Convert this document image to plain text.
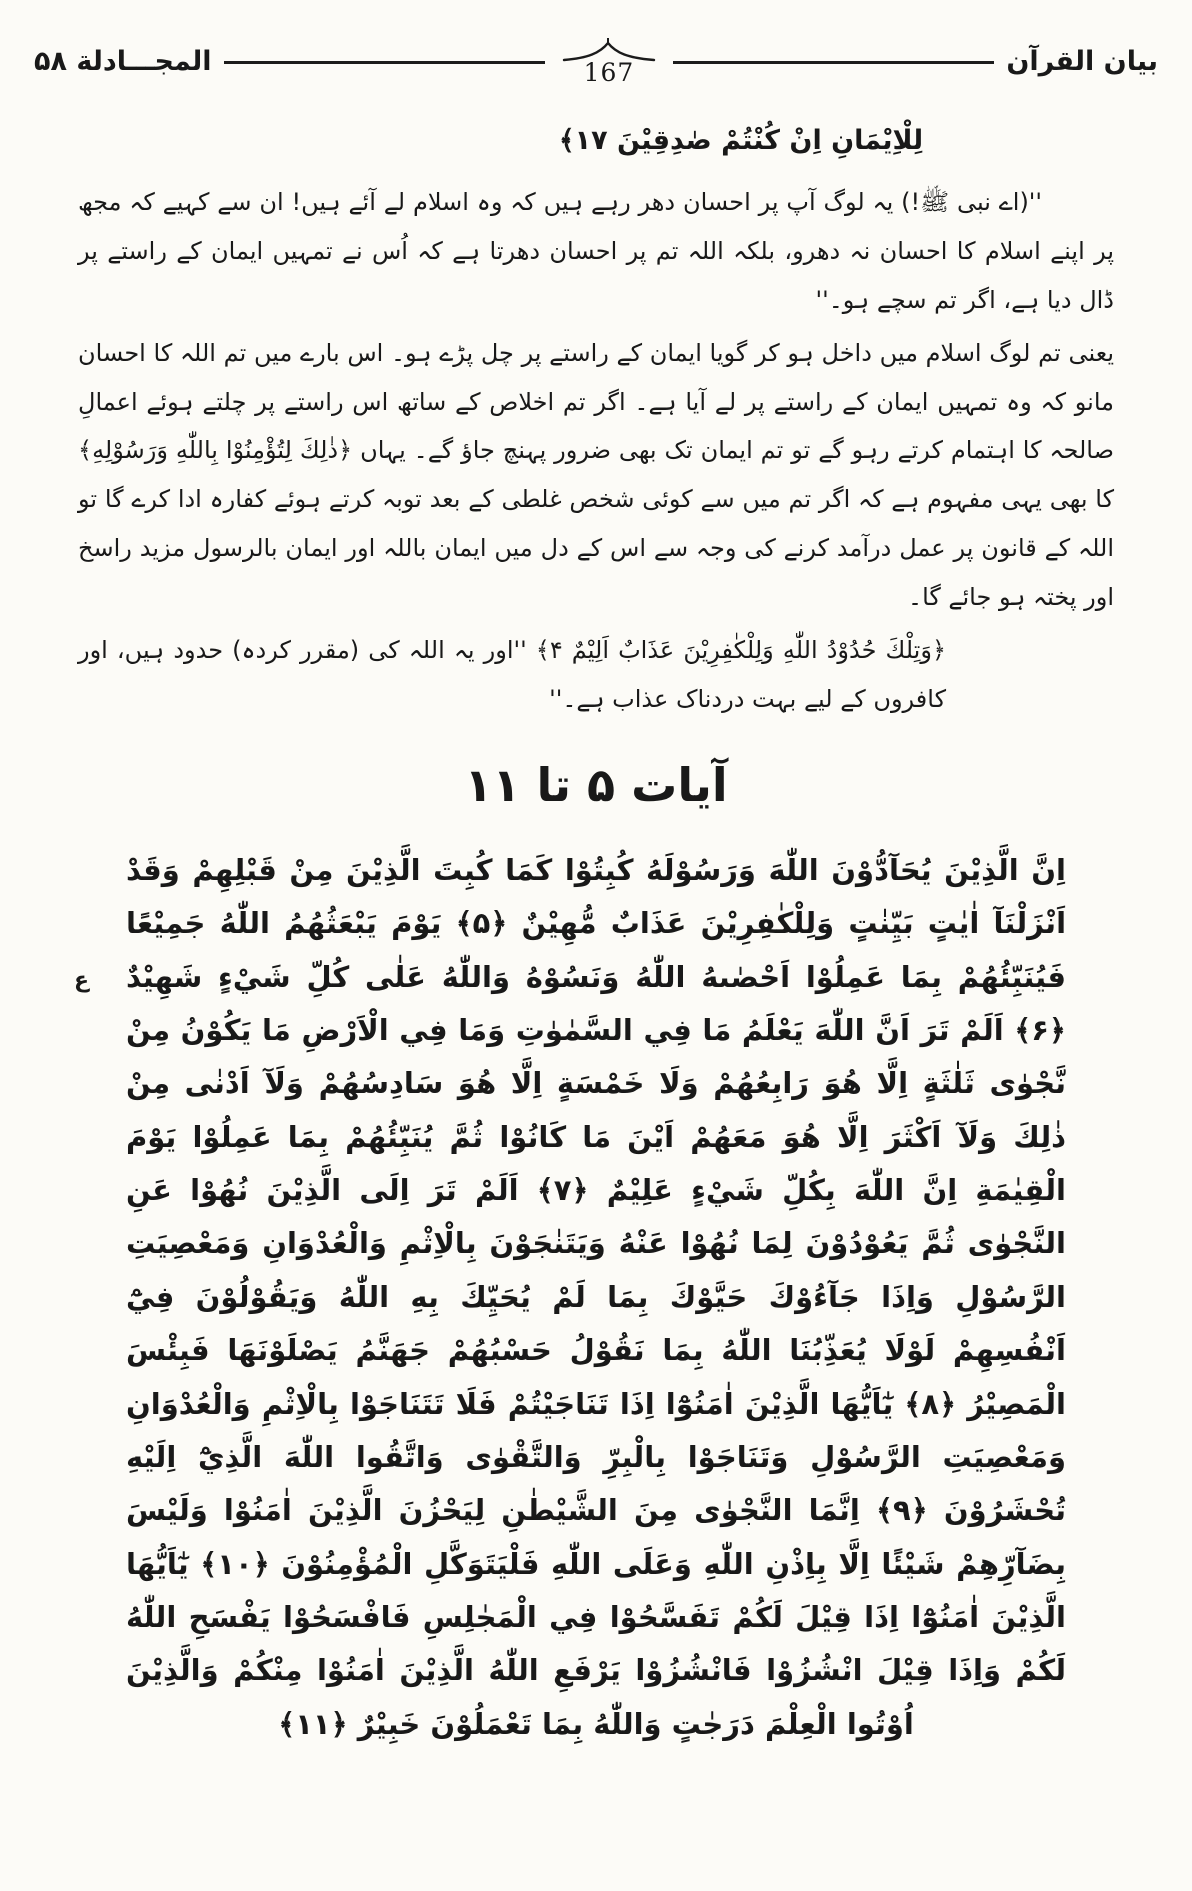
بیان القرآن
167
المجـــادلة ۵۸

لِلْاِيْمَانِ اِنْ كُنْتُمْ صٰدِقِيْنَ ۱۷﴾

''(اے نبی ﷺ!) یہ لوگ آپ پر احسان دھر رہے ہیں کہ وہ اسلام لے آئے ہیں! ان سے کہیے کہ مجھ پر اپنے اسلام کا احسان نہ دھرو، بلکہ اللہ تم پر احسان دھرتا ہے کہ اُس نے تمہیں ایمان کے راستے پر ڈال دیا ہے، اگر تم سچے ہو۔''

یعنی تم لوگ اسلام میں داخل ہو کر گویا ایمان کے راستے پر چل پڑے ہو۔ اس بارے میں تم اللہ کا احسان مانو کہ وہ تمہیں ایمان کے راستے پر لے آیا ہے۔ اگر تم اخلاص کے ساتھ اس راستے پر چلتے ہوئے اعمالِ صالحہ کا اہتمام کرتے رہو گے تو تم ایمان تک بھی ضرور پہنچ جاؤ گے۔ یہاں ﴿ذٰلِكَ لِتُؤْمِنُوْا بِاللّٰهِ وَرَسُوْلِهِ﴾ کا بھی یہی مفہوم ہے کہ اگر تم میں سے کوئی شخص غلطی کے بعد توبہ کرتے ہوئے کفارہ ادا کرے گا تو اللہ کے قانون پر عمل درآمد کرنے کی وجہ سے اس کے دل میں ایمان باللہ اور ایمان بالرسول مزید راسخ اور پختہ ہو جائے گا۔

﴿وَتِلْكَ حُدُوْدُ اللّٰهِ وَلِلْكٰفِرِيْنَ عَذَابٌ اَلِيْمٌ ۴﴾ ''اور یہ اللہ کی (مقرر کردہ) حدود ہیں، اور کافروں کے لیے بہت دردناک عذاب ہے۔''

آیات ۵ تا ۱۱
ع

اِنَّ الَّذِيْنَ يُحَآدُّوْنَ اللّٰهَ وَرَسُوْلَهُ كُبِتُوْا كَمَا كُبِتَ الَّذِيْنَ مِنْ قَبْلِهِمْ وَقَدْ اَنْزَلْنَآ اٰيٰتٍ بَيِّنٰتٍ وَلِلْكٰفِرِيْنَ عَذَابٌ مُّهِيْنٌ ﴿۵﴾ يَوْمَ يَبْعَثُهُمُ اللّٰهُ جَمِيْعًا فَيُنَبِّئُهُمْ بِمَا عَمِلُوْا اَحْصٰىهُ اللّٰهُ وَنَسُوْهُ وَاللّٰهُ عَلٰى كُلِّ شَيْءٍ شَهِيْدٌ ﴿۶﴾ اَلَمْ تَرَ اَنَّ اللّٰهَ يَعْلَمُ مَا فِي السَّمٰوٰتِ وَمَا فِي الْاَرْضِ مَا يَكُوْنُ مِنْ نَّجْوٰى ثَلٰثَةٍ اِلَّا هُوَ رَابِعُهُمْ وَلَا خَمْسَةٍ اِلَّا هُوَ سَادِسُهُمْ وَلَآ اَدْنٰى مِنْ ذٰلِكَ وَلَآ اَكْثَرَ اِلَّا هُوَ مَعَهُمْ اَيْنَ مَا كَانُوْا ثُمَّ يُنَبِّئُهُمْ بِمَا عَمِلُوْا يَوْمَ الْقِيٰمَةِ اِنَّ اللّٰهَ بِكُلِّ شَيْءٍ عَلِيْمٌ ﴿۷﴾ اَلَمْ تَرَ اِلَى الَّذِيْنَ نُهُوْا عَنِ النَّجْوٰى ثُمَّ يَعُوْدُوْنَ لِمَا نُهُوْا عَنْهُ وَيَتَنٰجَوْنَ بِالْاِثْمِ وَالْعُدْوَانِ وَمَعْصِيَتِ الرَّسُوْلِ وَاِذَا جَآءُوْكَ حَيَّوْكَ بِمَا لَمْ يُحَيِّكَ بِهِ اللّٰهُ وَيَقُوْلُوْنَ فِيْٓ اَنْفُسِهِمْ لَوْلَا يُعَذِّبُنَا اللّٰهُ بِمَا نَقُوْلُ حَسْبُهُمْ جَهَنَّمُ يَصْلَوْنَهَا فَبِئْسَ الْمَصِيْرُ ﴿۸﴾ يٰٓاَيُّهَا الَّذِيْنَ اٰمَنُوْٓا اِذَا تَنَاجَيْتُمْ فَلَا تَتَنَاجَوْا بِالْاِثْمِ وَالْعُدْوَانِ وَمَعْصِيَتِ الرَّسُوْلِ وَتَنَاجَوْا بِالْبِرِّ وَالتَّقْوٰى وَاتَّقُوا اللّٰهَ الَّذِيْٓ اِلَيْهِ تُحْشَرُوْنَ ﴿۹﴾ اِنَّمَا النَّجْوٰى مِنَ الشَّيْطٰنِ لِيَحْزُنَ الَّذِيْنَ اٰمَنُوْا وَلَيْسَ بِضَآرِّهِمْ شَيْئًا اِلَّا بِاِذْنِ اللّٰهِ وَعَلَى اللّٰهِ فَلْيَتَوَكَّلِ الْمُؤْمِنُوْنَ ﴿۱۰﴾ يٰٓاَيُّهَا الَّذِيْنَ اٰمَنُوْٓا اِذَا قِيْلَ لَكُمْ تَفَسَّحُوْا فِي الْمَجٰلِسِ فَافْسَحُوْا يَفْسَحِ اللّٰهُ لَكُمْ وَاِذَا قِيْلَ انْشُزُوْا فَانْشُزُوْا يَرْفَعِ اللّٰهُ الَّذِيْنَ اٰمَنُوْا مِنْكُمْ وَالَّذِيْنَ اُوْتُوا الْعِلْمَ دَرَجٰتٍ وَاللّٰهُ بِمَا تَعْمَلُوْنَ خَبِيْرٌ ﴿۱۱﴾
